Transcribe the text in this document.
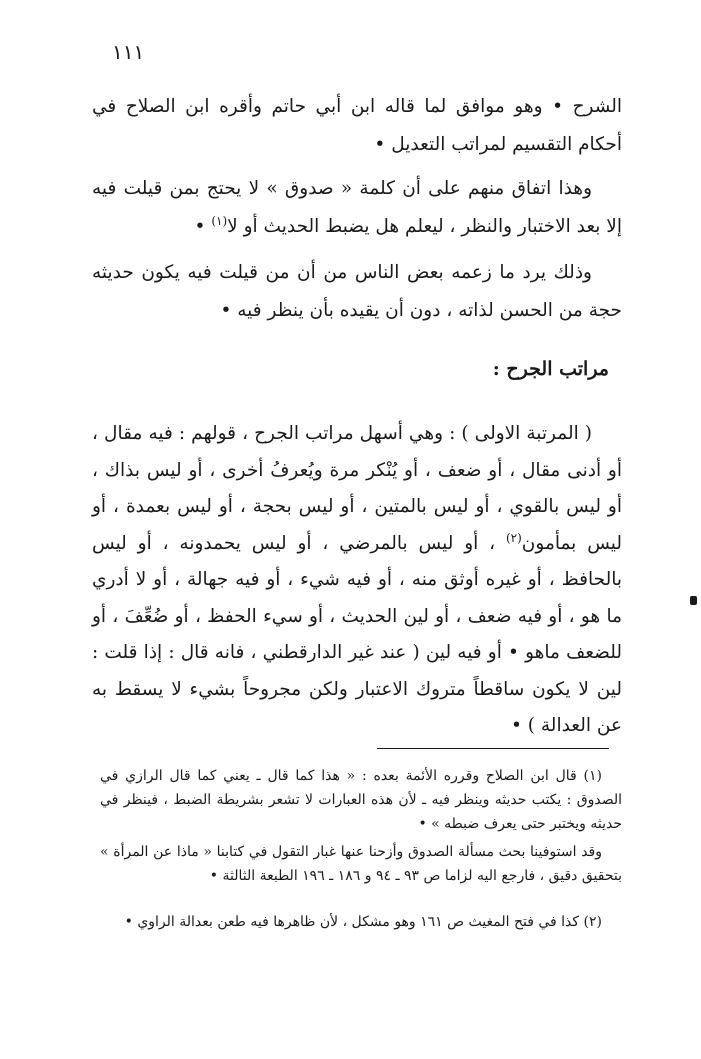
١١١

الشرح • وهو موافق لما قاله ابن أبي حاتم وأقره ابن الصلاح في أحكام التقسيم لمراتب التعديل •

وهذا اتفاق منهم على أن كلمة « صدوق » لا يحتج بمن قيلت فيه إلا بعد الاختبار والنظر ، ليعلم هل يضبط الحديث أو لا$^{(١)}$ •

وذلك يرد ما زعمه بعض الناس من أن من قيلت فيه يكون حديثه حجة من الحسن لذاته ، دون أن يقيده بأن ينظر فيه •

مراتب الجرح :

( المرتبة الاولى ) : وهي أسهل مراتب الجرح ، قولهم : فيه مقال ، أو أدنى مقال ، أو ضعف ، أو يُنْكر مرة ويُعرفُ أخرى ، أو ليس بذاك ، أو ليس بالقوي ، أو ليس بالمتين ، أو ليس بحجة ، أو ليس بعمدة ، أو ليس بمأمون$^{(٢)}$ ، أو ليس بالمرضي ، أو ليس يحمدونه ، أو ليس بالحافظ ، أو غيره أوثق منه ، أو فيه شيء ، أو فيه جهالة ، أو لا أدري ما هو ، أو فيه ضعف ، أو لين الحديث ، أو سيء الحفظ ، أو ضُعِّفَ ، أو للضعف ماهو • أو فيه لين ( عند غير الدارقطني ، فانه قال : إذا قلت : لين لا يكون ساقطاً متروك الاعتبار ولكن مجروحاً بشيء لا يسقط به عن العدالة ) •

(١) قال ابن الصلاح وقرره الأئمة بعده : « هذا كما قال ـ يعني كما قال الرازي في الصدوق : يكتب حديثه وينظر فيه ـ لأن هذه العبارات لا تشعر بشريطة الضبط ، فينظر في حديثه ويختبر حتى يعرف ضبطه » •

وقد استوفينا بحث مسألة الصدوق وأزحنا عنها غبار التقول في كتابنا « ماذا عن المرأة » بتحقيق دقيق ، فارجع اليه لزاما ص ٩٣ ـ ٩٤ و ١٨٦ ـ ١٩٦ الطبعة الثالثة •

(٢) كذا في فتح المغيث ص ١٦١ وهو مشكل ، لأن ظاهرها فيه طعن بعدالة الراوي •
